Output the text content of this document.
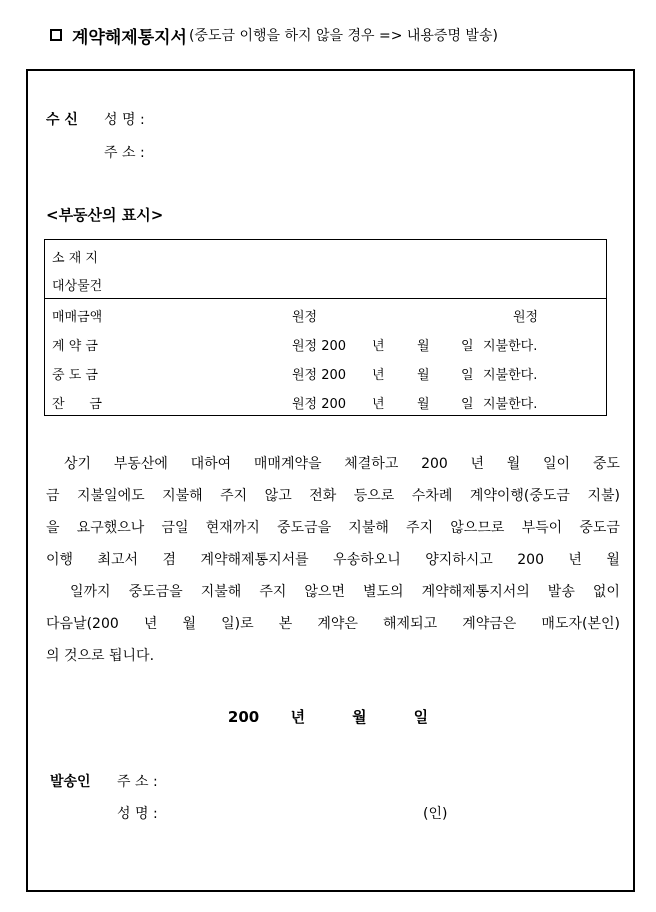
계약해제통지서 (중도금 이행을 하지 않을 경우 => 내용증명 발송)
수 신 성 명 :
주 소 :
<부동산의 표시>
소 재 지
대상물건
매매금액	원정	원정
계 약 금	원정 200 년 월 일 지불한다.
중 도 금	원정 200 년 월 일 지불한다.
잔      금	원정 200 년 월 일 지불한다.
상기 부동산에 대하여 매매계약을 체결하고 200 년 월 일이 중도
금 지불일에도 지불해 주지 않고 전화 등으로 수차례 계약이행(중도금 지불)
을 요구했으나 금일 현재까지 중도금을 지불해 주지 않으므로 부득이 중도금
이행 최고서 겸 계약해제통지서를 우송하오니 양지하시고 200 년 월
일까지 중도금을 지불해 주지 않으면 별도의 계약해제통지서의 발송 없이
다음날(200 년 월 일)로 본 계약은 해제되고 계약금은 매도자(본인)
의 것으로 됩니다.
200 년	월	일
발송인 주 소 :
성 명 :	(인)
